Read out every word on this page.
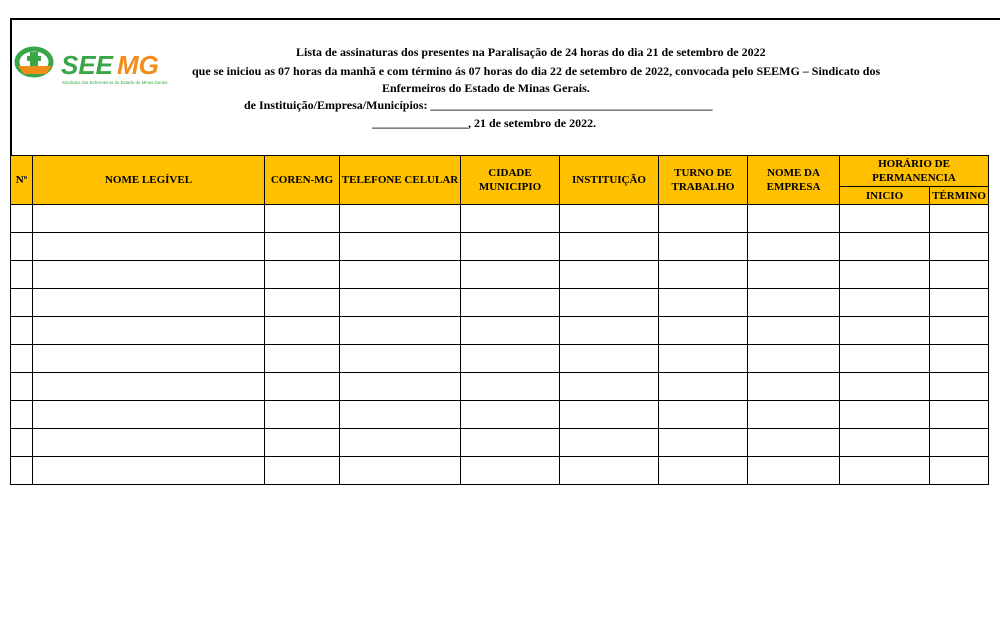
SEE MG
Sindicato dos Enfermeiros do Estado de Minas Gerais
Lista de assinaturas dos presentes na Paralisação de 24 horas do dia 21 de setembro de 2022
que se iniciou as 07 horas da manhã e com término ás 07 horas do dia 22 de setembro de 2022, convocada pelo SEEMG – Sindicato dos
Enfermeiros do Estado de Minas Gerais.
de Instituição/Empresa/Municípios: _______________________________________________
________________, 21 de setembro de 2022.
Nº	NOME LEGÍVEL	COREN-MG	TELEFONE CELULAR	CIDADE MUNICIPIO	INSTITUIÇÃO	TURNO DE TRABALHO	NOME DA EMPRESA	HORÁRIO DE PERMANENCIA	
								INICIO	TÉRMINO
